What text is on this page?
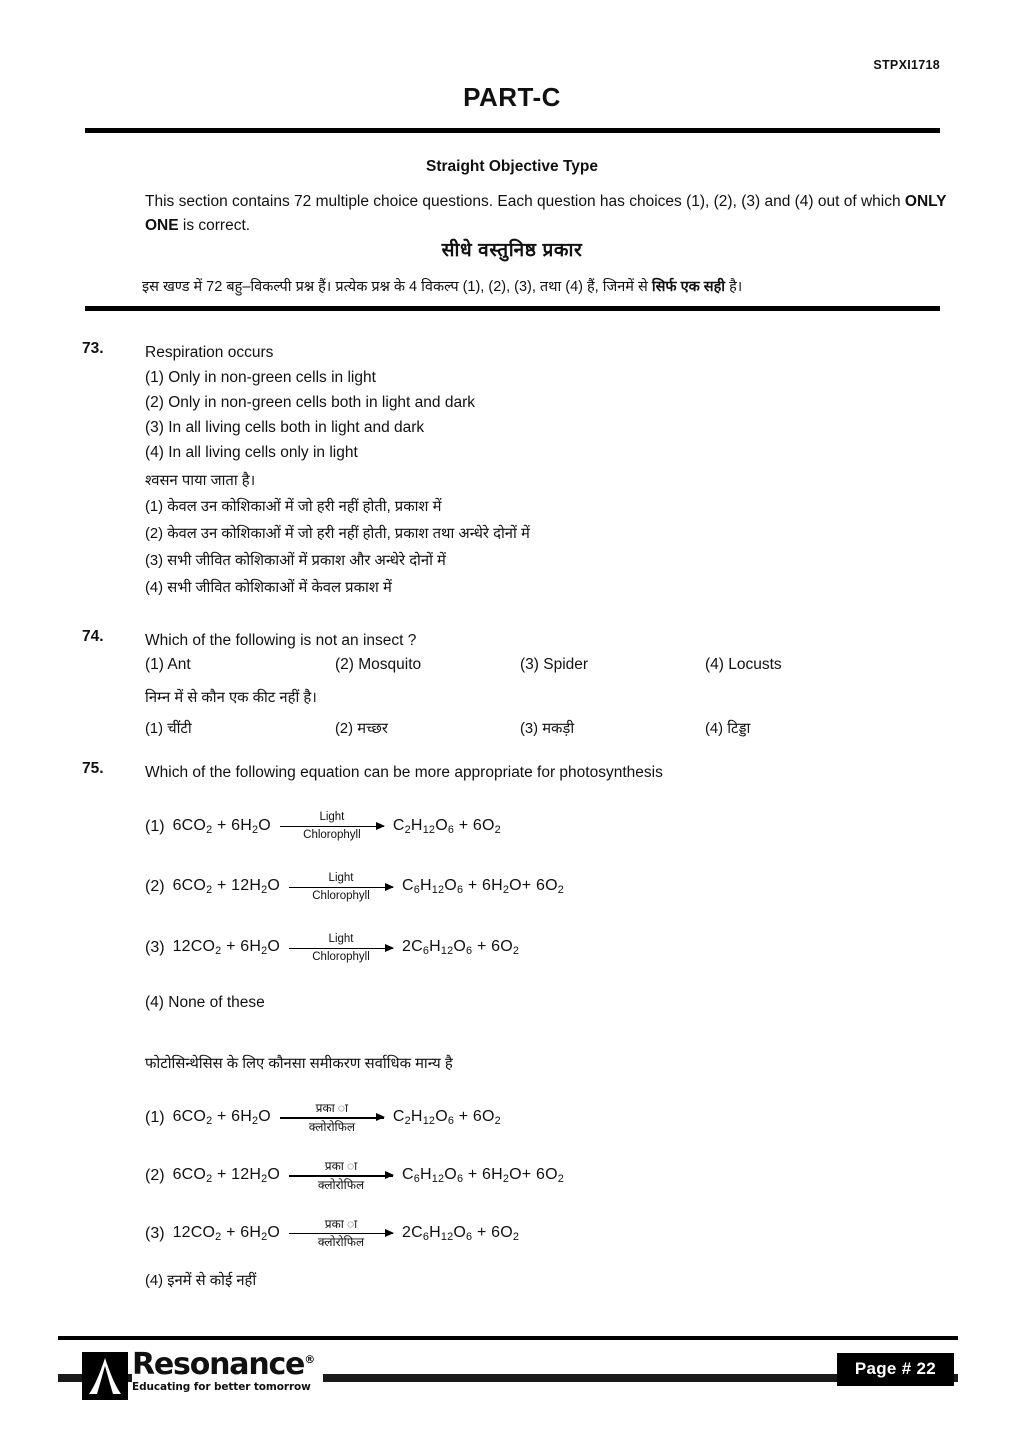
STPXI1718
PART-C
Straight Objective Type
This section contains 72 multiple choice questions. Each question has choices (1), (2), (3) and (4) out of which ONLY ONE is correct.
सीधे वस्तुनिष्ठ प्रकार
इस खण्ड में 72 बहु–विकल्पी प्रश्न हैं। प्रत्येक प्रश्न के 4 विकल्प (1), (2), (3), तथा (4) हैं, जिनमें से सिर्फ एक सही है।
73.	Respiration occurs
(1) Only in non-green cells in light
(2) Only in non-green cells both in light and dark
(3) In all living cells both in light and dark
(4) In all living cells only in light
श्वसन पाया जाता है।
(1) केवल उन कोशिकाओं में जो हरी नहीं होती, प्रकाश में
(2) केवल उन कोशिकाओं में जो हरी नहीं होती, प्रकाश तथा अन्धेरे दोनों में
(3) सभी जीवित कोशिकाओं में प्रकाश और अन्धेरे दोनों में
(4) सभी जीवित कोशिकाओं में केवल प्रकाश में
74.	Which of the following is not an insect ?
(1) Ant	(2) Mosquito	(3) Spider	(4) Locusts
निम्न में से कौन एक कीट नहीं है।
(1) चींटी	(2) मच्छर	(3) मकड़ी	(4) टिड्डा
75.	Which of the following equation can be more appropriate for photosynthesis
(1) $6CO_2 + 6H_2O$	Light
Chlorophyll
$C_2H_{12}O_6 + 6O_2$
(2) $6CO_2 + 12H_2O$	Light
Chlorophyll
$C_6H_{12}O_6 + 6H_2O+ 6O_2$
(3) $12CO_2 + 6H_2O$	Light
Chlorophyll
$2C_6H_{12}O_6 + 6O_2$
(4) None of these
फोटोसिन्थेसिस के लिए कौनसा समीकरण सर्वाधिक मान्य है
(1) $6CO_2 + 6H_2O$
प्रका ा
क्लोरोफिल
$C_2H_{12}O_6 + 6O_2$
(2) $6CO_2 + 12H_2O$
प्रका ा
क्लोरोफिल
$C_6H_{12}O_6 + 6H_2O+ 6O_2$
(3) $12CO_2 + 6H_2O$
प्रका ा
क्लोरोफिल
$2C_6H_{12}O_6 + 6O_2$
(4) इनमें से कोई नहीं
Resonance®
Educating for better tomorrow
Page # 22
